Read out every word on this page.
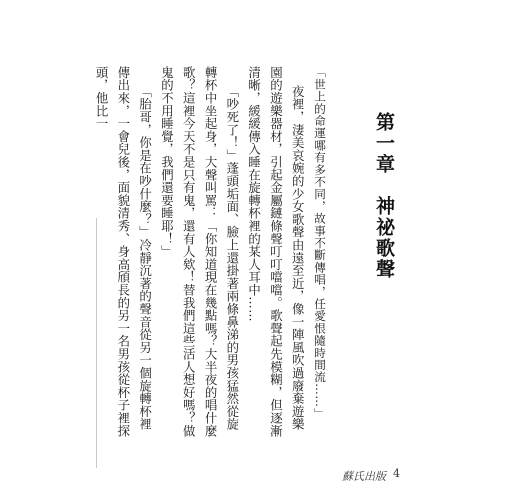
第一章　神祕歌聲

「世上的命運哪有多不同，故事不斷傳唱，任愛恨隨時間流……」

夜裡，淒美哀婉的少女歌聲由遠至近，像一陣風吹過廢棄遊樂園的遊樂器材，引起金屬鏈條聲叮叮噹噹。歌聲起先模糊，但逐漸清晰，緩緩傳入睡在旋轉杯裡的某人耳中……

「吵死了！」蓬頭垢面、臉上還掛著兩條鼻涕的男孩猛然從旋轉杯中坐起身，大聲叫罵：「你知道現在幾點嗎？大半夜的唱什麼歌？這裡今天不是只有鬼，還有人欸！替我們這些活人想好嗎？做鬼的不用睡覺，我們還要睡耶！」

「胎哥，你是在吵什麼？」冷靜沉著的聲音從另一個旋轉杯裡傳出來，一會兒後，面貌清秀、身高頎長的另一名男孩從杯子裡探頭，他比一

蘇氏出版 4
